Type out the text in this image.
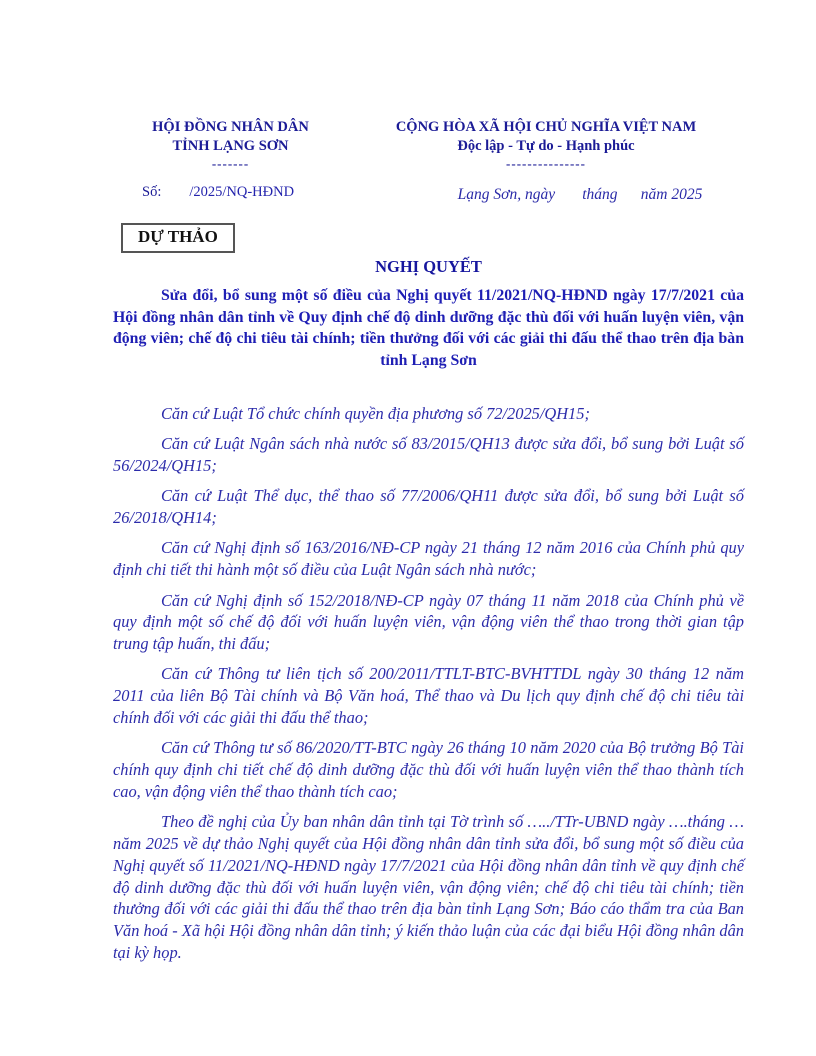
HỘI ĐỒNG NHÂN DÂN
TỈNH LẠNG SƠN
-------
Số: /2025/NQ-HĐND
CỘNG HÒA XÃ HỘI CHỦ NGHĨA VIỆT NAM
Độc lập - Tự do - Hạnh phúc
---------------
Lạng Sơn, ngày       tháng      năm 2025
DỰ THẢO
NGHỊ QUYẾT
Sửa đổi, bổ sung một số điều của Nghị quyết 11/2021/NQ-HĐND ngày 17/7/2021 của Hội đồng nhân dân tỉnh về Quy định chế độ dinh dưỡng đặc thù đối với huấn luyện viên, vận động viên; chế độ chi tiêu tài chính; tiền thưởng đối với các giải thi đấu thể thao trên địa bàn tỉnh Lạng Sơn

Căn cứ Luật Tổ chức chính quyền địa phương số 72/2025/QH15;

Căn cứ Luật Ngân sách nhà nước số 83/2015/QH13 được sửa đổi, bổ sung bởi Luật số 56/2024/QH15;

Căn cứ Luật Thể dục, thể thao số 77/2006/QH11 được sửa đổi, bổ sung bởi Luật số 26/2018/QH14;

Căn cứ Nghị định số 163/2016/NĐ-CP ngày 21 tháng 12 năm 2016 của Chính phủ quy định chi tiết thi hành một số điều của Luật Ngân sách nhà nước;

Căn cứ Nghị định số 152/2018/NĐ-CP ngày 07 tháng 11 năm 2018 của Chính phủ về quy định một số chế độ đối với huấn luyện viên, vận động viên thể thao trong thời gian tập trung tập huấn, thi đấu;

Căn cứ Thông tư liên tịch số 200/2011/TTLT-BTC-BVHTTDL ngày 30 tháng 12 năm 2011 của liên Bộ Tài chính và Bộ Văn hoá, Thể thao và Du lịch quy định chế độ chi tiêu tài chính đối với các giải thi đấu thể thao;

Căn cứ Thông tư số 86/2020/TT-BTC ngày 26 tháng 10 năm 2020 của Bộ trưởng Bộ Tài chính quy định chi tiết chế độ dinh dưỡng đặc thù đối với huấn luyện viên thể thao thành tích cao, vận động viên thể thao thành tích cao;

Theo đề nghị của Ủy ban nhân dân tỉnh tại Tờ trình số …../TTr-UBND ngày ….tháng …năm 2025 về dự thảo Nghị quyết của Hội đồng nhân dân tỉnh sửa đổi, bổ sung một số điều của Nghị quyết số 11/2021/NQ-HĐND ngày 17/7/2021 của Hội đồng nhân dân tỉnh về quy định chế độ dinh dưỡng đặc thù đối với huấn luyện viên, vận động viên; chế độ chi tiêu tài chính; tiền thưởng đối với các giải thi đấu thể thao trên địa bàn tỉnh Lạng Sơn; Báo cáo thẩm tra của Ban Văn hoá - Xã hội Hội đồng nhân dân tỉnh; ý kiến thảo luận của các đại biểu Hội đồng nhân dân tại kỳ họp.
